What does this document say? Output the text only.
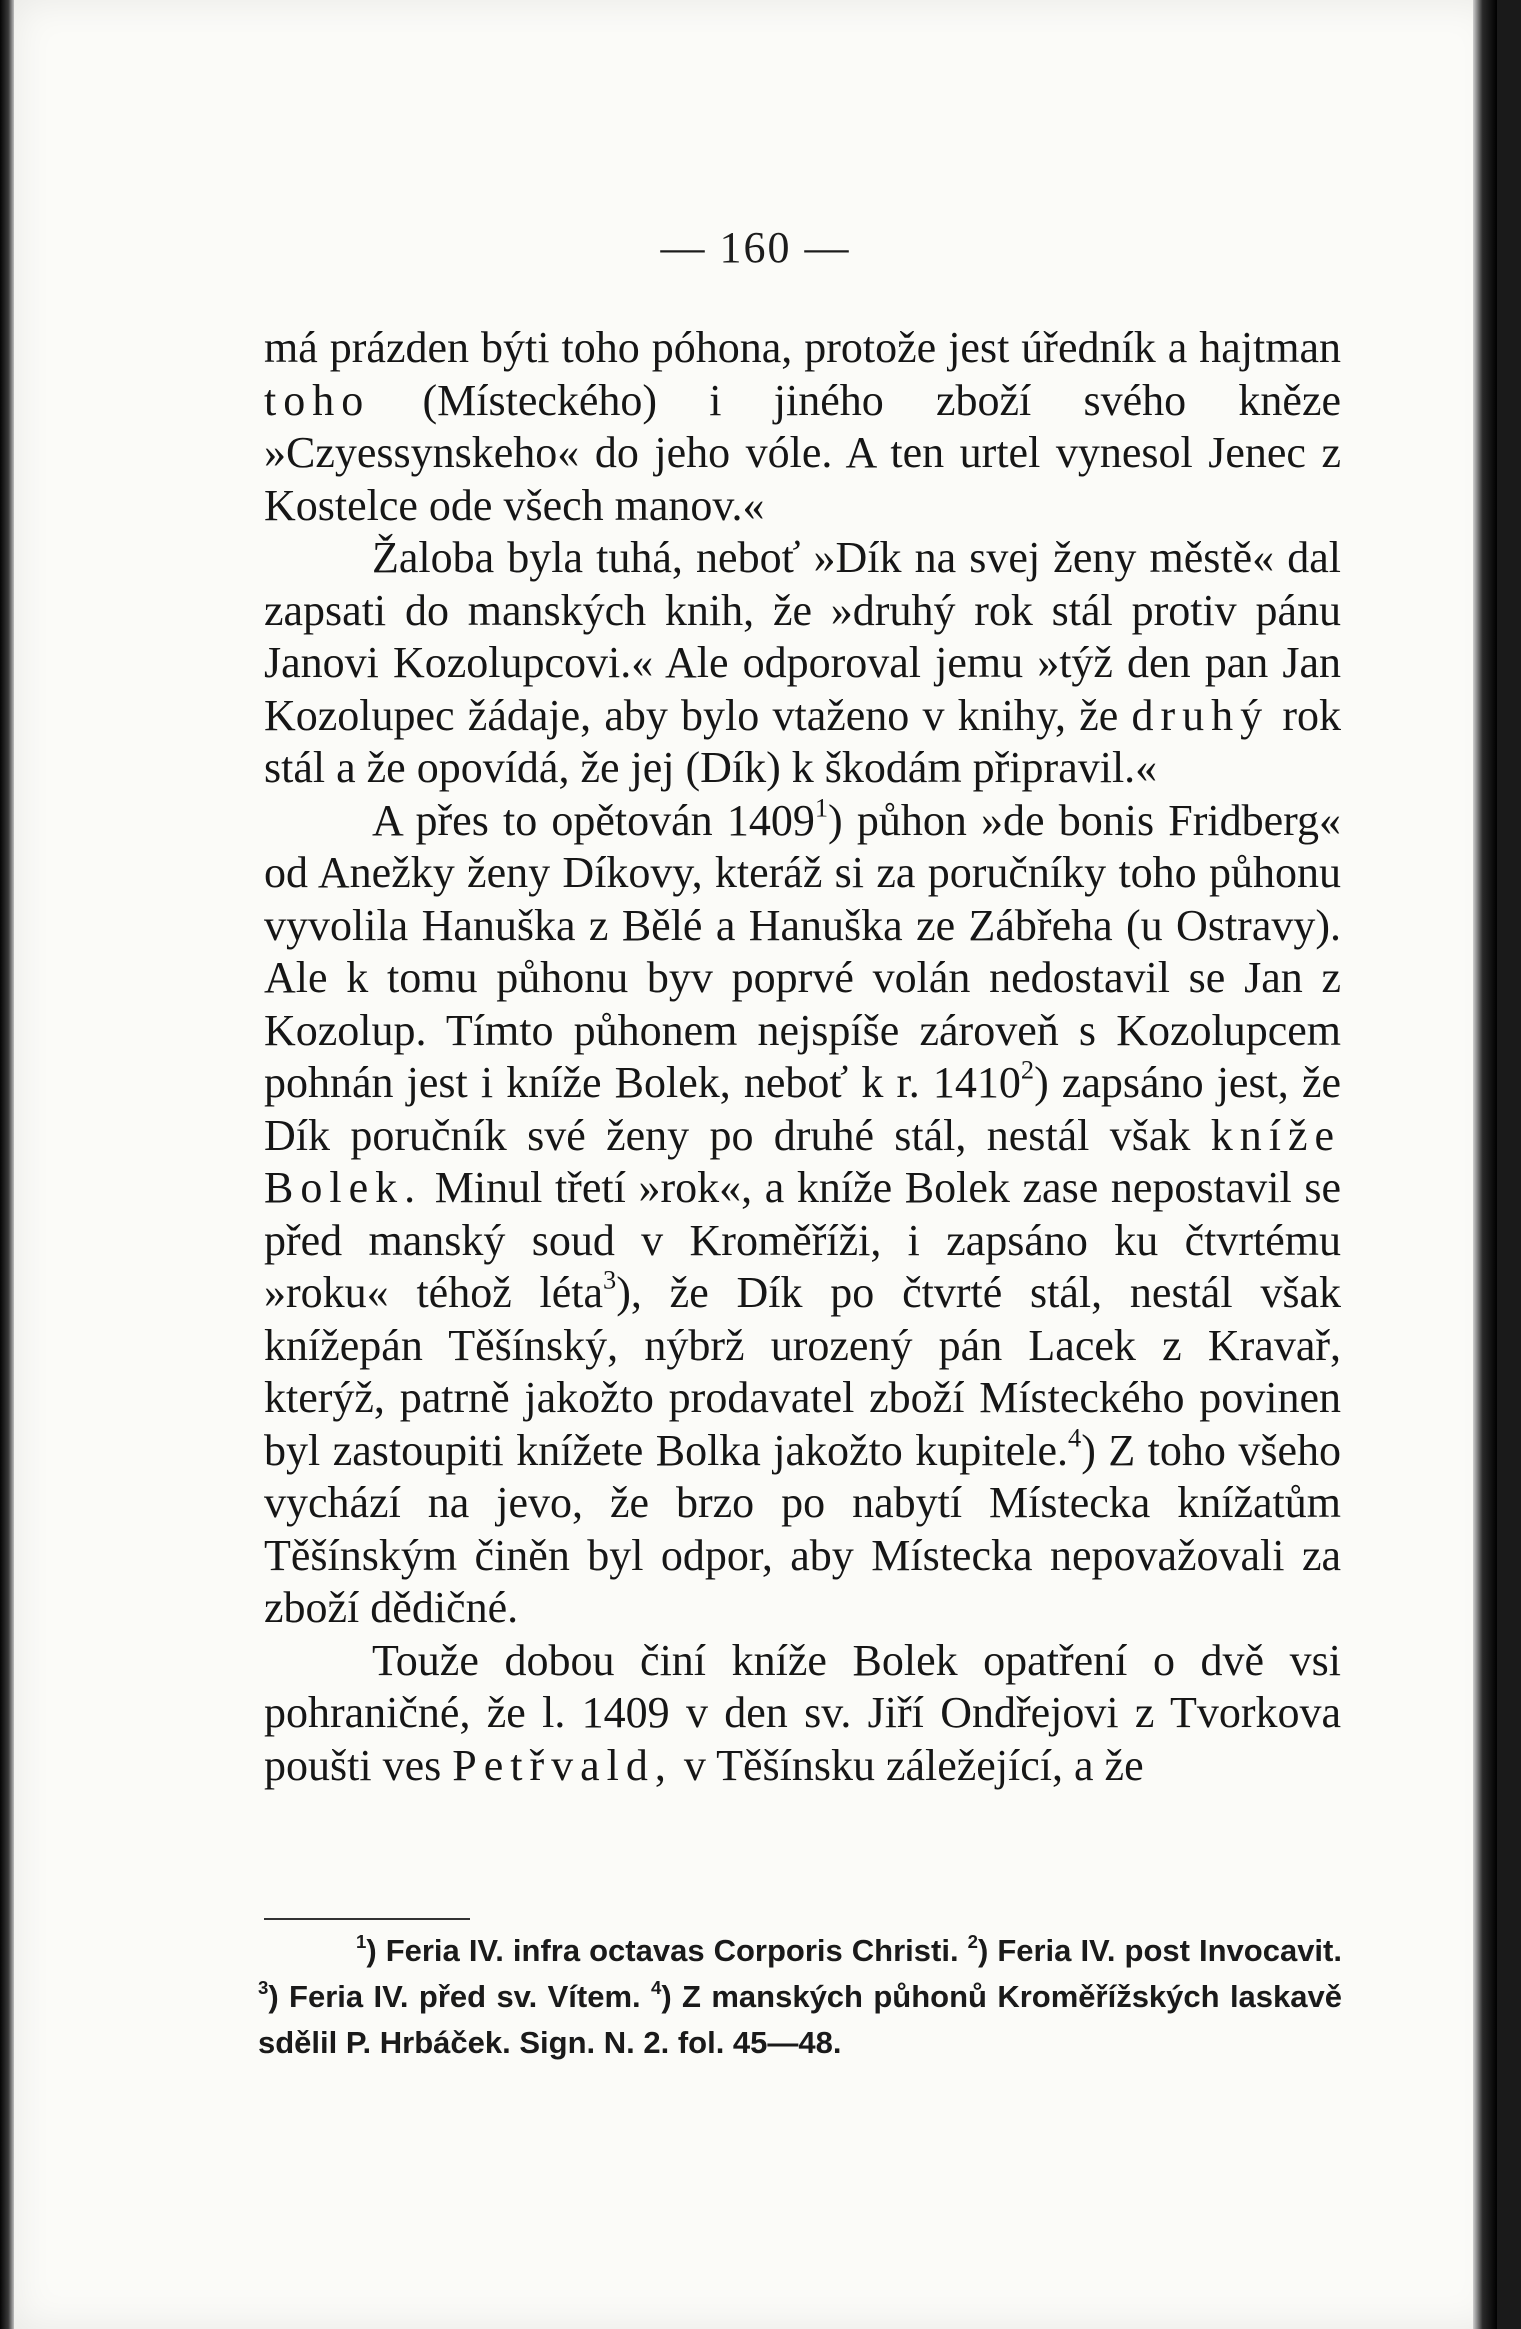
— 160 —

má prázden býti toho póhona, protože jest úředník a hajtman toho (Místeckého) i jiného zboží svého kněze »Czyessynskeho« do jeho vóle. A ten urtel vynesol Jenec z Kostelce ode všech manov.«

Žaloba byla tuhá, neboť »Dík na svej ženy městě« dal zapsati do manských knih, že »druhý rok stál protiv pánu Janovi Kozolupcovi.« Ale odporoval jemu »týž den pan Jan Kozolupec žádaje, aby bylo vtaženo v knihy, že druhý rok stál a že opovídá, že jej (Dík) k škodám připravil.«

A přes to opětován 1409$^1$) půhon »de bonis Fridberg« od Anežky ženy Díkovy, kteráž si za poručníky toho půhonu vyvolila Hanuška z Bělé a Hanuška ze Zábřeha (u Ostravy). Ale k tomu půhonu byv poprvé volán nedostavil se Jan z Kozolup. Tímto půhonem nejspíše zároveň s Kozolupcem pohnán jest i kníže Bolek, neboť k r. 1410$^2$) zapsáno jest, že Dík poručník své ženy po druhé stál, nestál však kníže Bolek. Minul třetí »rok«, a kníže Bolek zase nepostavil se před manský soud v Kroměříži, i zapsáno ku čtvrtému »roku« téhož léta$^3$), že Dík po čtvrté stál, nestál však knížepán Těšínský, nýbrž urozený pán Lacek z Kravař, kterýž, patrně jakožto prodavatel zboží Místeckého povinen byl zastoupiti knížete Bolka jakožto kupitele.$^4$) Z toho všeho vychází na jevo, že brzo po nabytí Místecka knížatům Těšínským činěn byl odpor, aby Místecka nepovažovali za zboží dědičné.

Touže dobou činí kníže Bolek opatření o dvě vsi pohraničné, že l. 1409 v den sv. Jiří Ondřejovi z Tvorkova poušti ves Petřvald, v Těšínsku záležející, a že

$^1$) Feria IV. infra octavas Corporis Christi. $^2$) Feria IV. post Invocavit. $^3$) Feria IV. před sv. Vítem. $^4$) Z manských půhonů Kroměřížských laskavě sdělil P. Hrbáček. Sign. N. 2. fol. 45—48.
